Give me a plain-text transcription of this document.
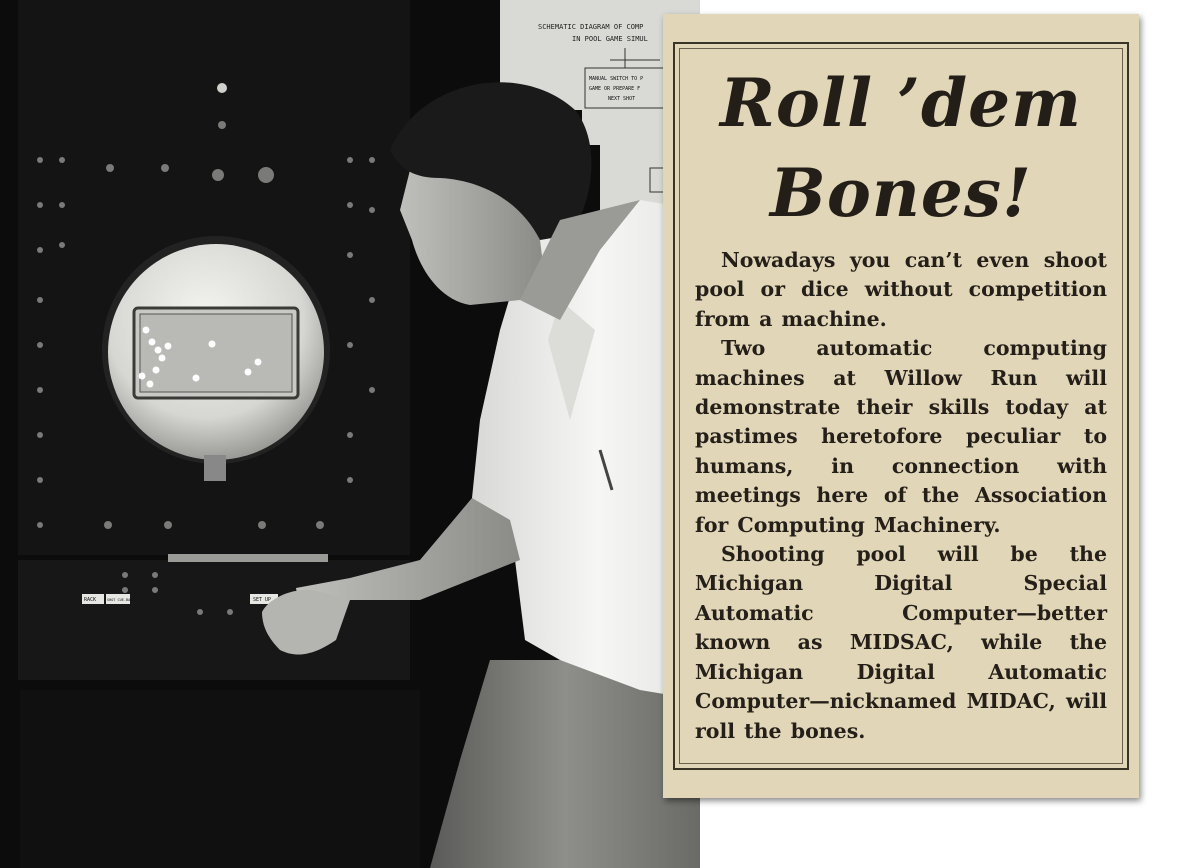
SCHEMATIC DIAGRAM OF COMP
IN POOL GAME SIMUL
MANUAL SWITCH TO P
GAME OR PREPARE F
NEXT SHOT
RACK	SHOT CUE-BALL	SET UP
Roll ’dem
Bones!

Nowadays you can’t even shoot pool or dice without competition from a machine.

Two automatic computing machines at Willow Run will demonstrate their skills today at pastimes heretofore peculiar to humans, in connection with meetings here of the Association for Computing Machinery.

Shooting pool will be the Michigan Digital Special Automatic Computer—better known as MIDSAC, while the Michigan Digital Automatic Computer—nicknamed MIDAC, will roll the bones.
